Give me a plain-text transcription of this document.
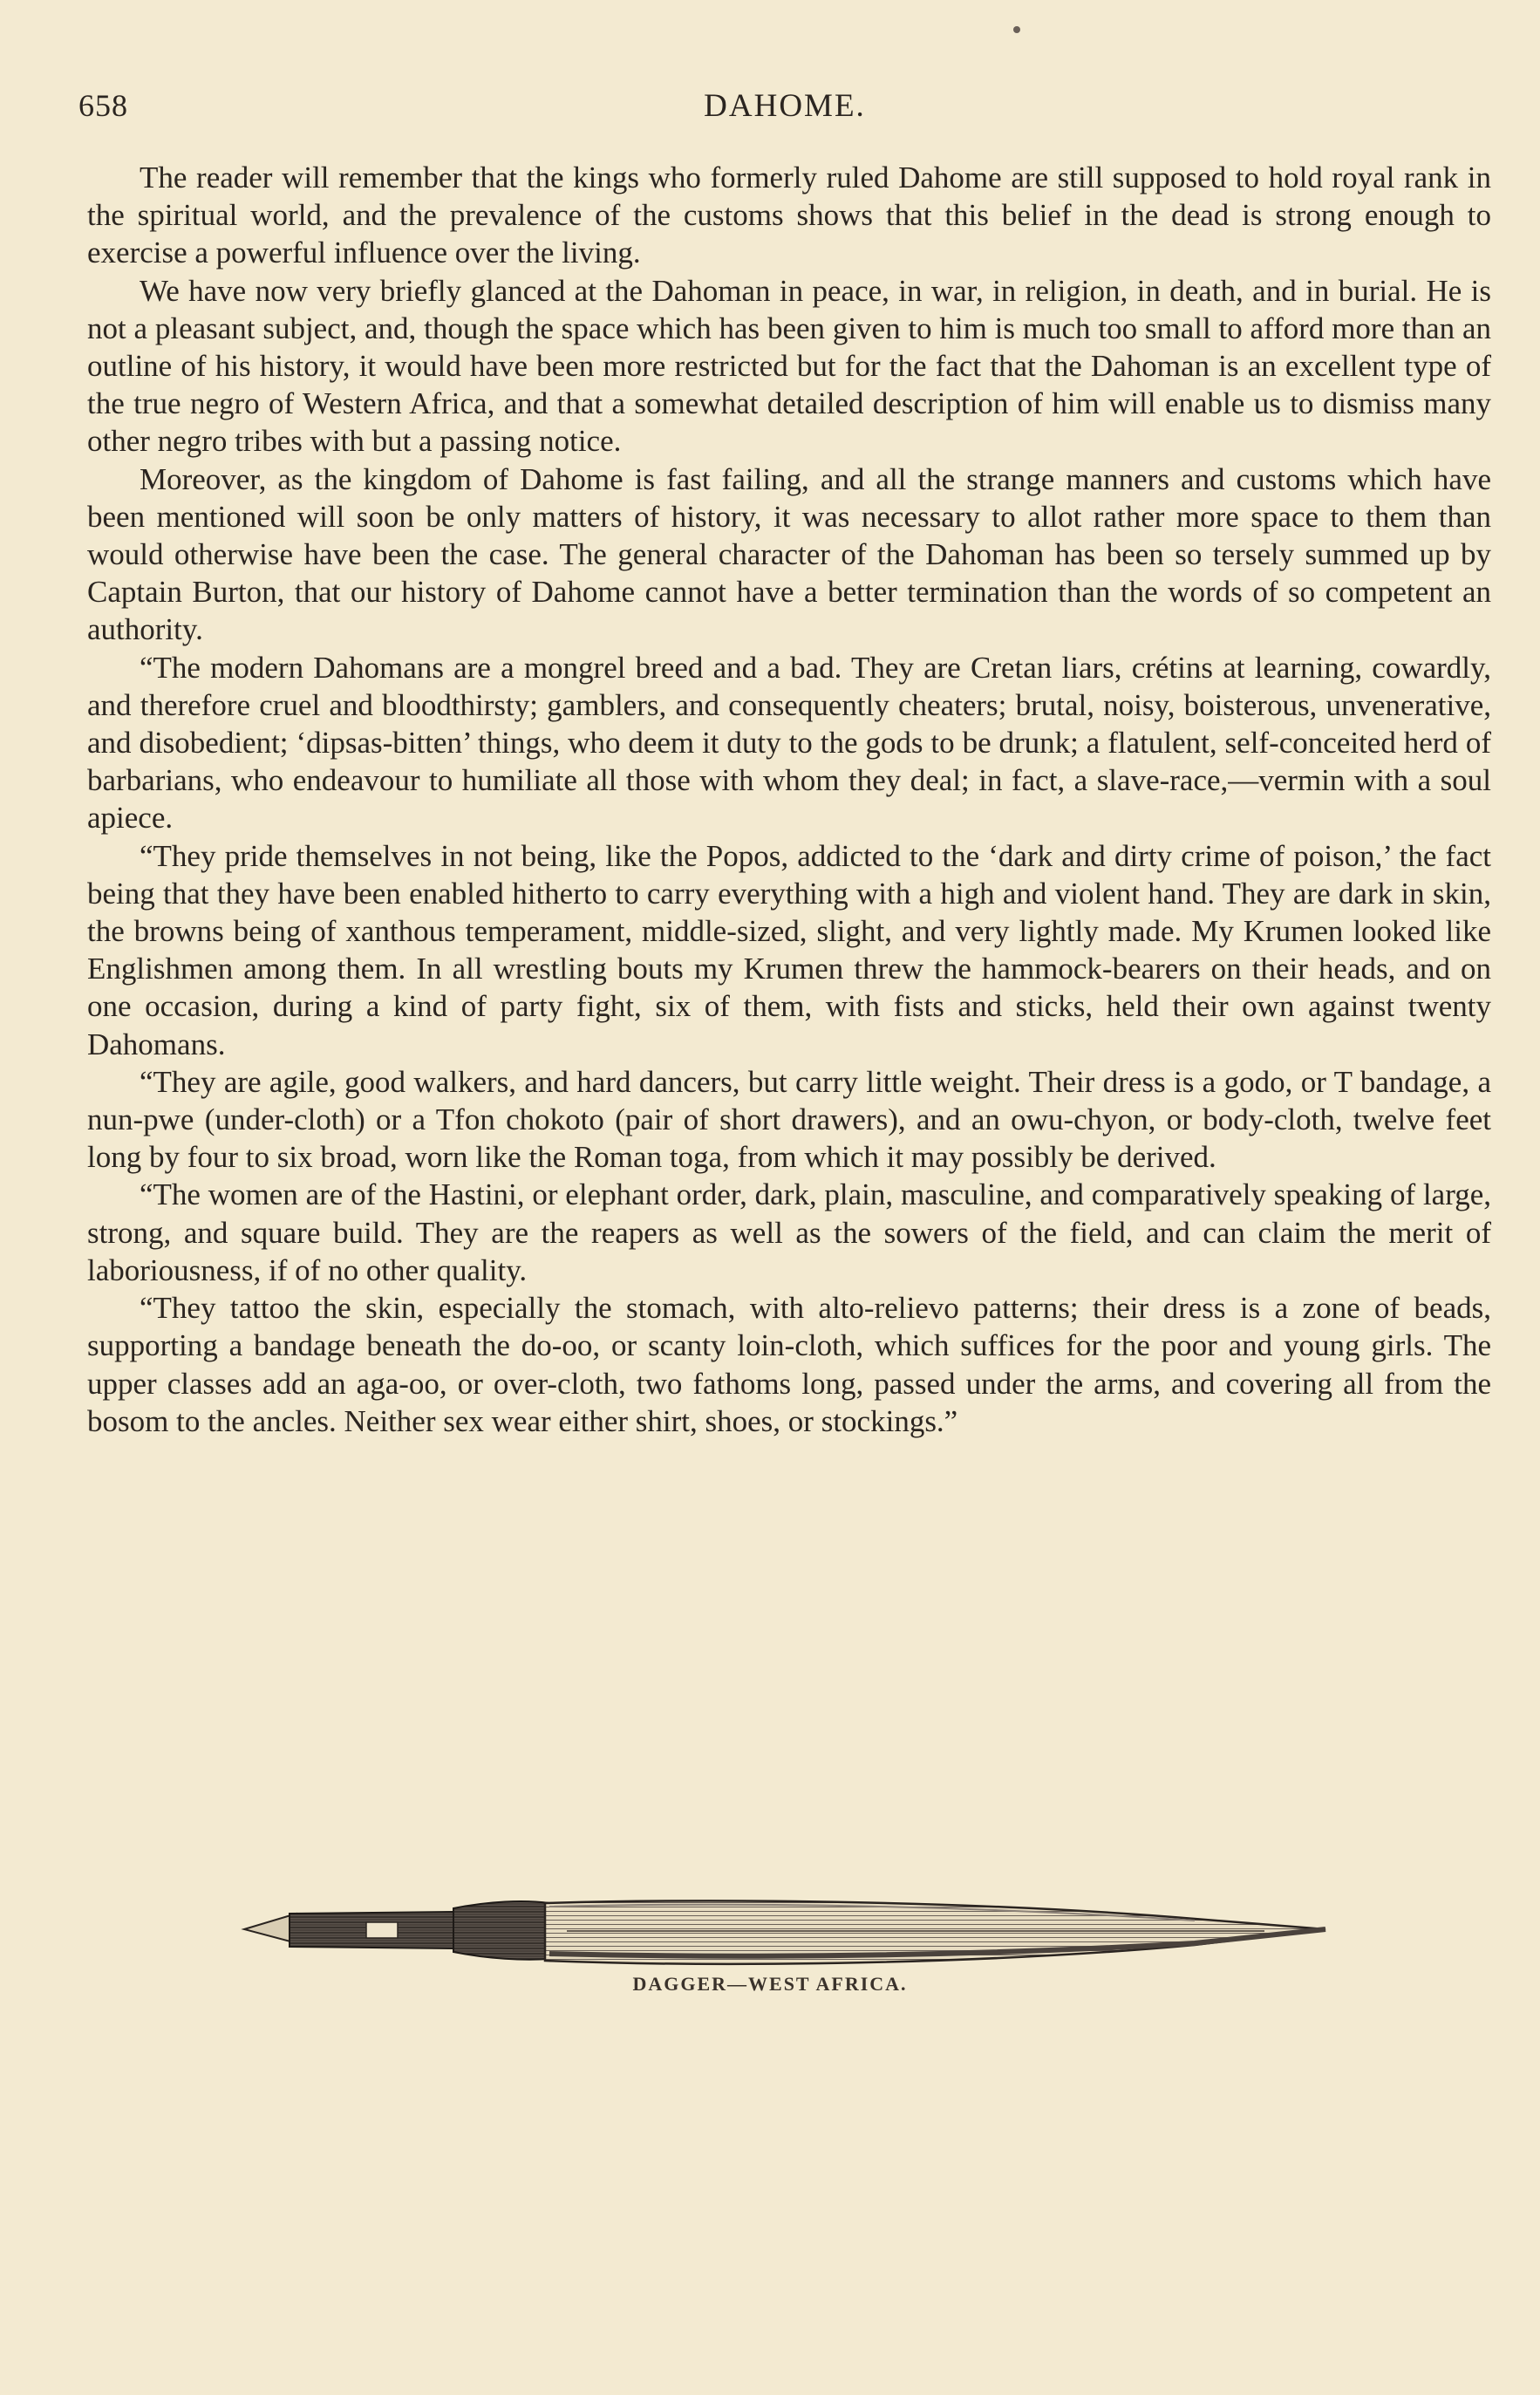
658	DAHOME.

The reader will remember that the kings who formerly ruled Dahome are still supposed to hold royal rank in the spiritual world, and the prevalence of the customs shows that this belief in the dead is strong enough to exercise a powerful influence over the living.

We have now very briefly glanced at the Dahoman in peace, in war, in religion, in death, and in burial. He is not a pleasant subject, and, though the space which has been given to him is much too small to afford more than an outline of his history, it would have been more restricted but for the fact that the Dahoman is an excellent type of the true negro of Western Africa, and that a somewhat detailed description of him will enable us to dismiss many other negro tribes with but a passing notice.

Moreover, as the kingdom of Dahome is fast failing, and all the strange manners and customs which have been mentioned will soon be only matters of history, it was necessary to allot rather more space to them than would otherwise have been the case. The general character of the Dahoman has been so tersely summed up by Captain Burton, that our history of Dahome cannot have a better termination than the words of so competent an authority.

“The modern Dahomans are a mongrel breed and a bad. They are Cretan liars, crétins at learning, cowardly, and therefore cruel and bloodthirsty; gamblers, and consequently cheaters; brutal, noisy, boisterous, unvenerative, and disobedient; ‘dipsas-bitten’ things, who deem it duty to the gods to be drunk; a flatulent, self-conceited herd of barbarians, who endeavour to humiliate all those with whom they deal; in fact, a slave-race,—vermin with a soul apiece.

“They pride themselves in not being, like the Popos, addicted to the ‘dark and dirty crime of poison,’ the fact being that they have been enabled hitherto to carry everything with a high and violent hand. They are dark in skin, the browns being of xanthous temperament, middle-sized, slight, and very lightly made. My Krumen looked like Englishmen among them. In all wrestling bouts my Krumen threw the hammock-bearers on their heads, and on one occasion, during a kind of party fight, six of them, with fists and sticks, held their own against twenty Dahomans.

“They are agile, good walkers, and hard dancers, but carry little weight. Their dress is a godo, or T bandage, a nun-pwe (under-cloth) or a Tfon chokoto (pair of short drawers), and an owu-chyon, or body-cloth, twelve feet long by four to six broad, worn like the Roman toga, from which it may possibly be derived.

“The women are of the Hastini, or elephant order, dark, plain, masculine, and comparatively speaking of large, strong, and square build. They are the reapers as well as the sowers of the field, and can claim the merit of laboriousness, if of no other quality.

“They tattoo the skin, especially the stomach, with alto-relievo patterns; their dress is a zone of beads, supporting a bandage beneath the do-oo, or scanty loin-cloth, which suffices for the poor and young girls. The upper classes add an aga-oo, or over-cloth, two fathoms long, passed under the arms, and covering all from the bosom to the ancles. Neither sex wear either shirt, shoes, or stockings.”

DAGGER—WEST AFRICA.
